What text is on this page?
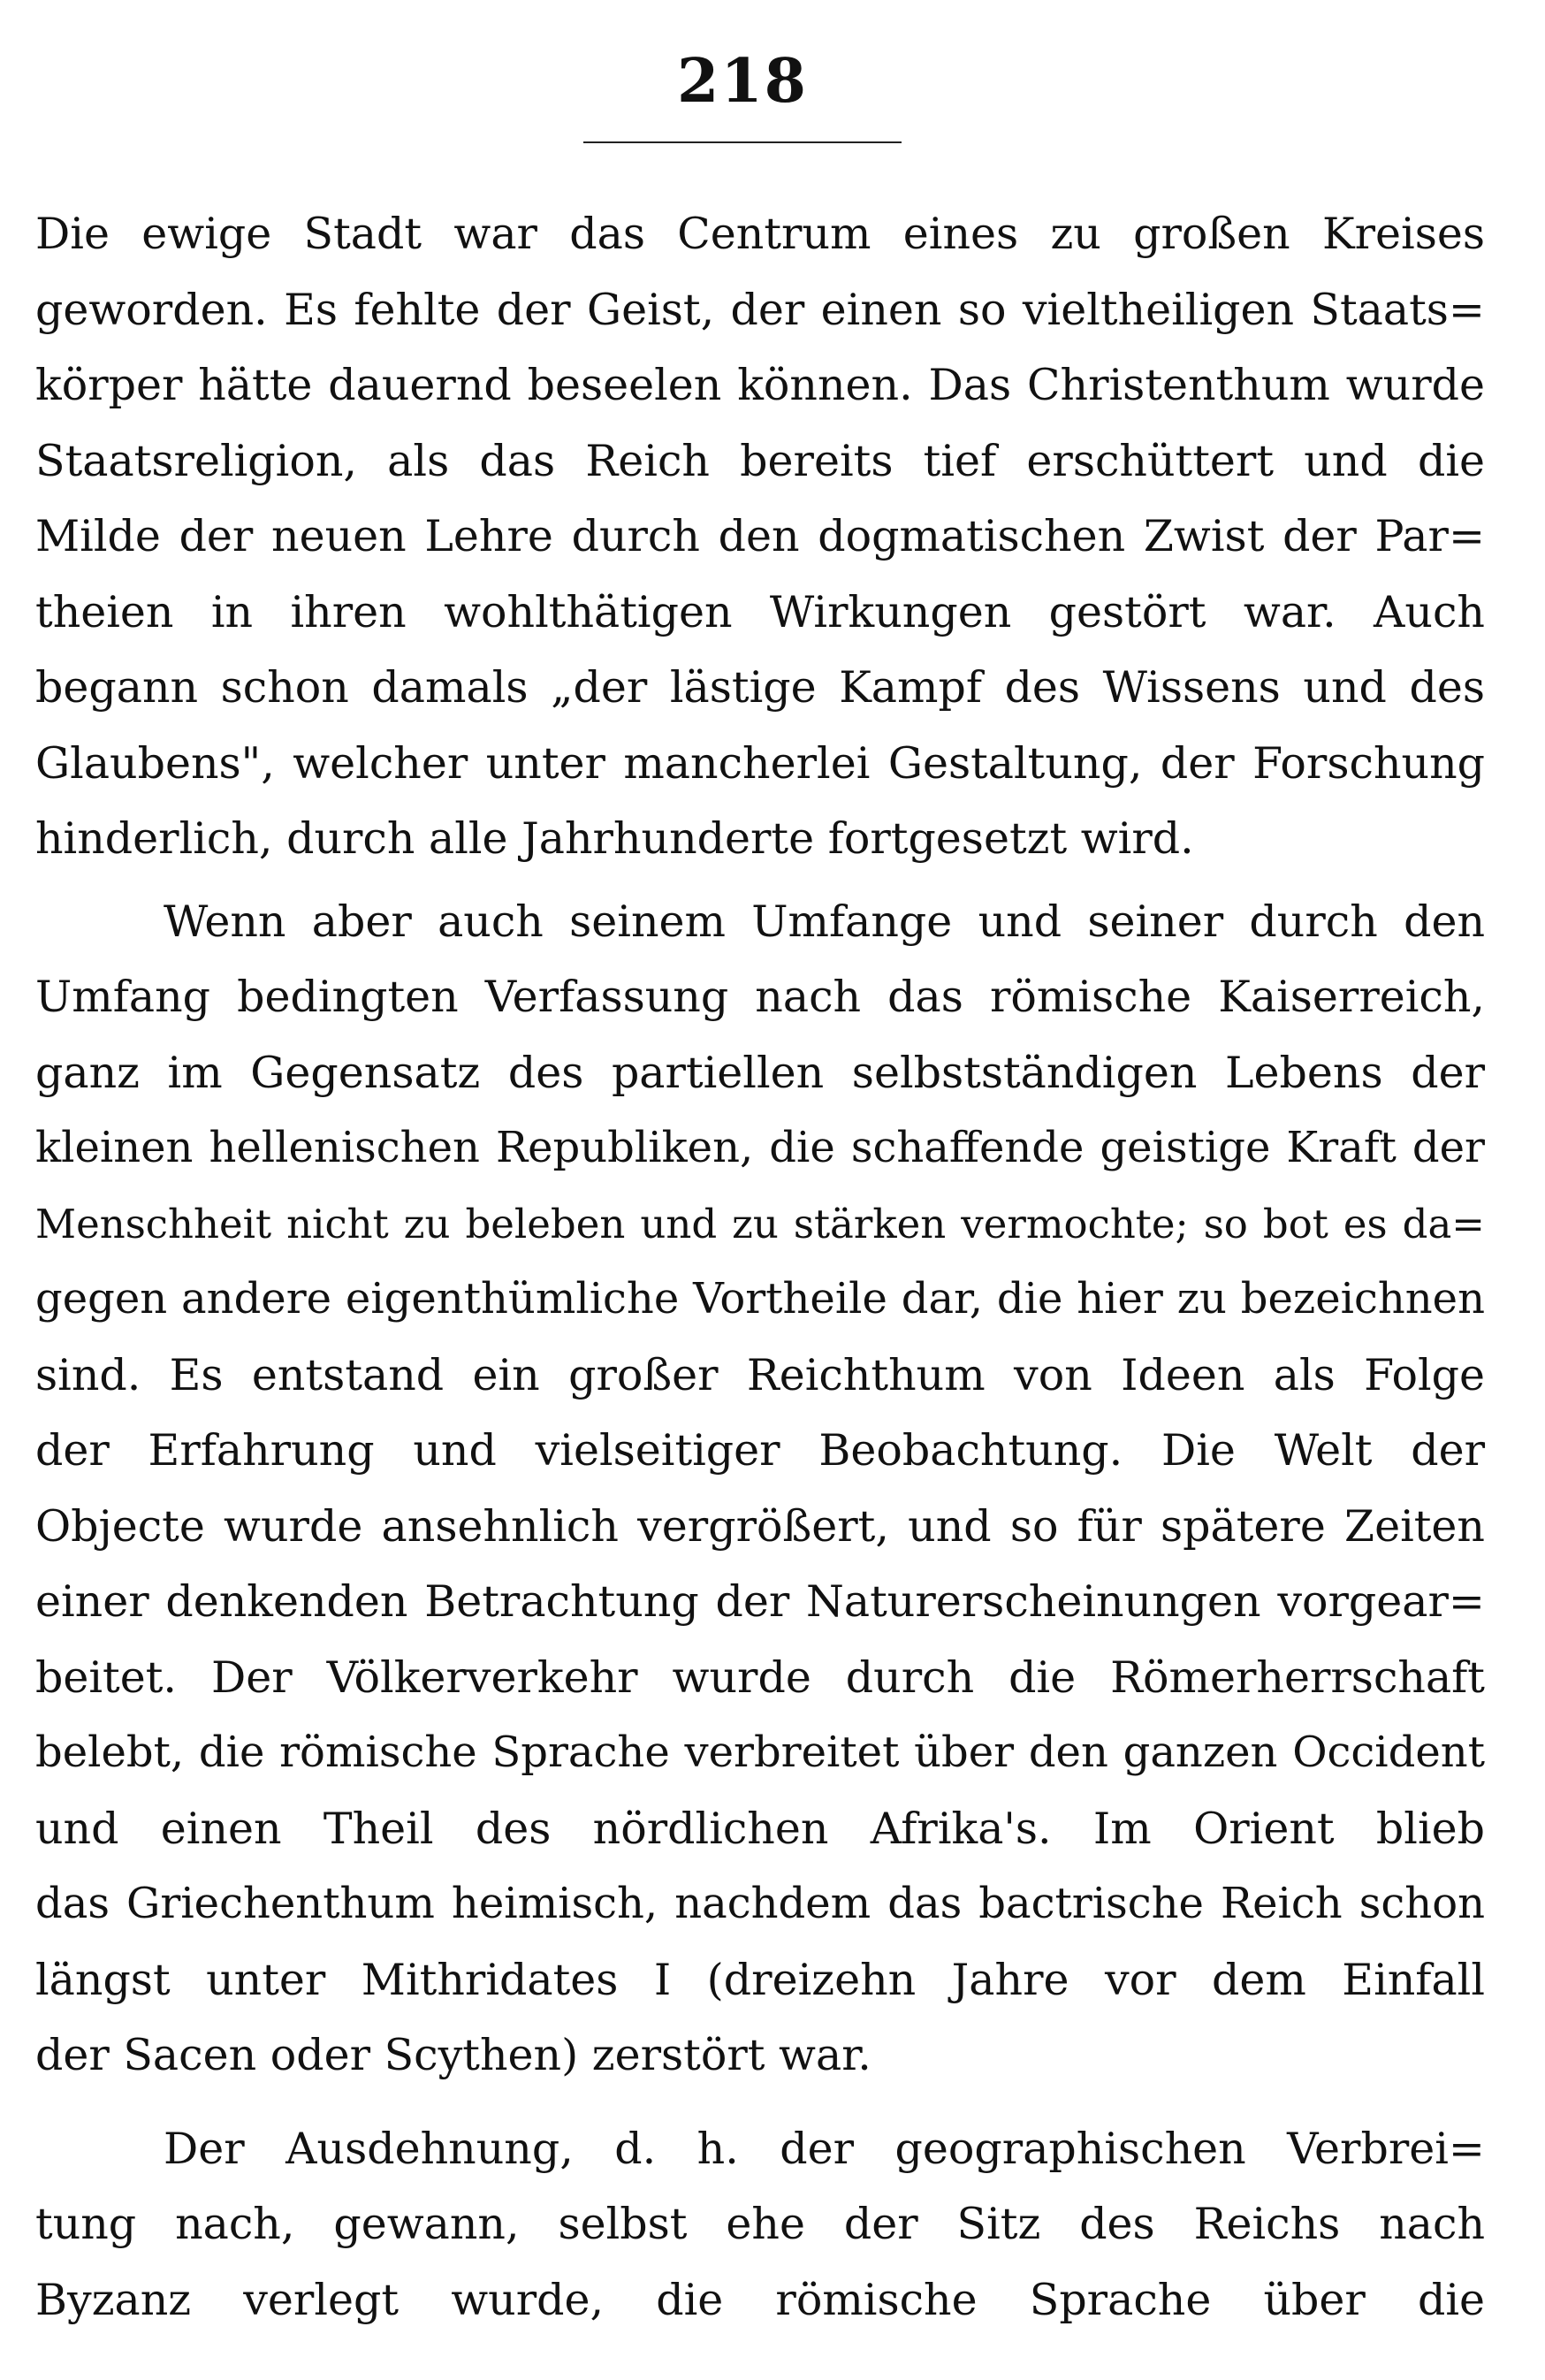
218
Die ewige Stadt war das Centrum eines zu großen Kreises
geworden. Es fehlte der Geist, der einen so vieltheiligen Staats=
körper hätte dauernd beseelen können. Das Christenthum wurde
Staatsreligion, als das Reich bereits tief erschüttert und die
Milde der neuen Lehre durch den dogmatischen Zwist der Par=
theien in ihren wohlthätigen Wirkungen gestört war. Auch
begann schon damals „der lästige Kampf des Wissens und des
Glaubens", welcher unter mancherlei Gestaltung, der Forschung
hinderlich, durch alle Jahrhunderte fortgesetzt wird.
Wenn aber auch seinem Umfange und seiner durch den
Umfang bedingten Verfassung nach das römische Kaiserreich,
ganz im Gegensatz des partiellen selbstständigen Lebens der
kleinen hellenischen Republiken, die schaffende geistige Kraft der
Menschheit nicht zu beleben und zu stärken vermochte; so bot es da=
gegen andere eigenthümliche Vortheile dar, die hier zu bezeichnen
sind. Es entstand ein großer Reichthum von Ideen als Folge
der Erfahrung und vielseitiger Beobachtung. Die Welt der
Objecte wurde ansehnlich vergrößert, und so für spätere Zeiten
einer denkenden Betrachtung der Naturerscheinungen vorgear=
beitet. Der Völkerverkehr wurde durch die Römerherrschaft
belebt, die römische Sprache verbreitet über den ganzen Occident
und einen Theil des nördlichen Afrika's. Im Orient blieb
das Griechenthum heimisch, nachdem das bactrische Reich schon
längst unter Mithridates I (dreizehn Jahre vor dem Einfall
der Sacen oder Scythen) zerstört war.
Der Ausdehnung, d. h. der geographischen Verbrei=
tung nach, gewann, selbst ehe der Sitz des Reichs nach
Byzanz verlegt wurde, die römische Sprache über die
